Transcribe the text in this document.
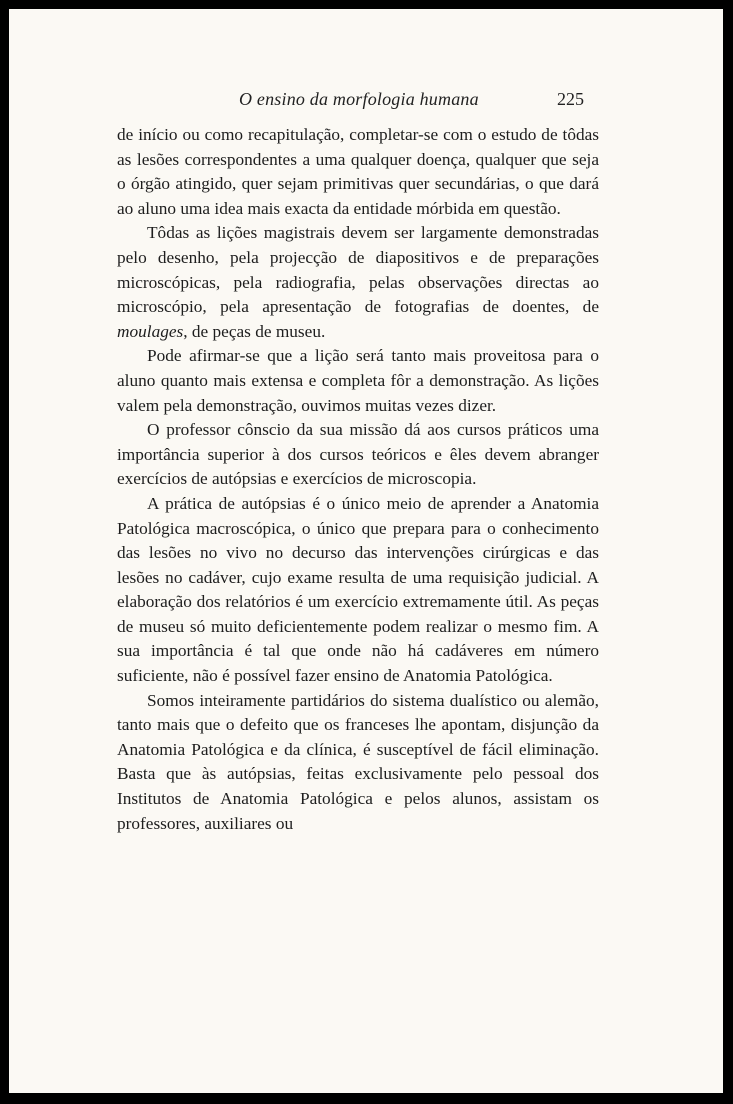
O ensino da morfologia humana	225

de início ou como recapitulação, completar-se com o estudo de tôdas as lesões correspondentes a uma qualquer doença, qualquer que seja o órgão atingido, quer sejam primitivas quer secundárias, o que dará ao aluno uma idea mais exacta da entidade mórbida em questão.

Tôdas as lições magistrais devem ser largamente demonstradas pelo desenho, pela projecção de diapositivos e de preparações microscópicas, pela radiografia, pelas observações directas ao microscópio, pela apresentação de fotografias de doentes, de moulages, de peças de museu.

Pode afirmar-se que a lição será tanto mais proveitosa para o aluno quanto mais extensa e completa fôr a demonstração. As lições valem pela demonstração, ouvimos muitas vezes dizer.

O professor cônscio da sua missão dá aos cursos práticos uma importância superior à dos cursos teóricos e êles devem abranger exercícios de autópsias e exercícios de microscopia.

A prática de autópsias é o único meio de aprender a Anatomia Patológica macroscópica, o único que prepara para o conhecimento das lesões no vivo no decurso das intervenções cirúrgicas e das lesões no cadáver, cujo exame resulta de uma requisição judicial. A elaboração dos relatórios é um exercício extremamente útil. As peças de museu só muito deficientemente podem realizar o mesmo fim. A sua importância é tal que onde não há cadáveres em número suficiente, não é possível fazer ensino de Anatomia Patológica.

Somos inteiramente partidários do sistema dualístico ou alemão, tanto mais que o defeito que os franceses lhe apontam, disjunção da Anatomia Patológica e da clínica, é susceptível de fácil eliminação. Basta que às autópsias, feitas exclusivamente pelo pessoal dos Institutos de Anatomia Patológica e pelos alunos, assistam os professores, auxiliares ou
